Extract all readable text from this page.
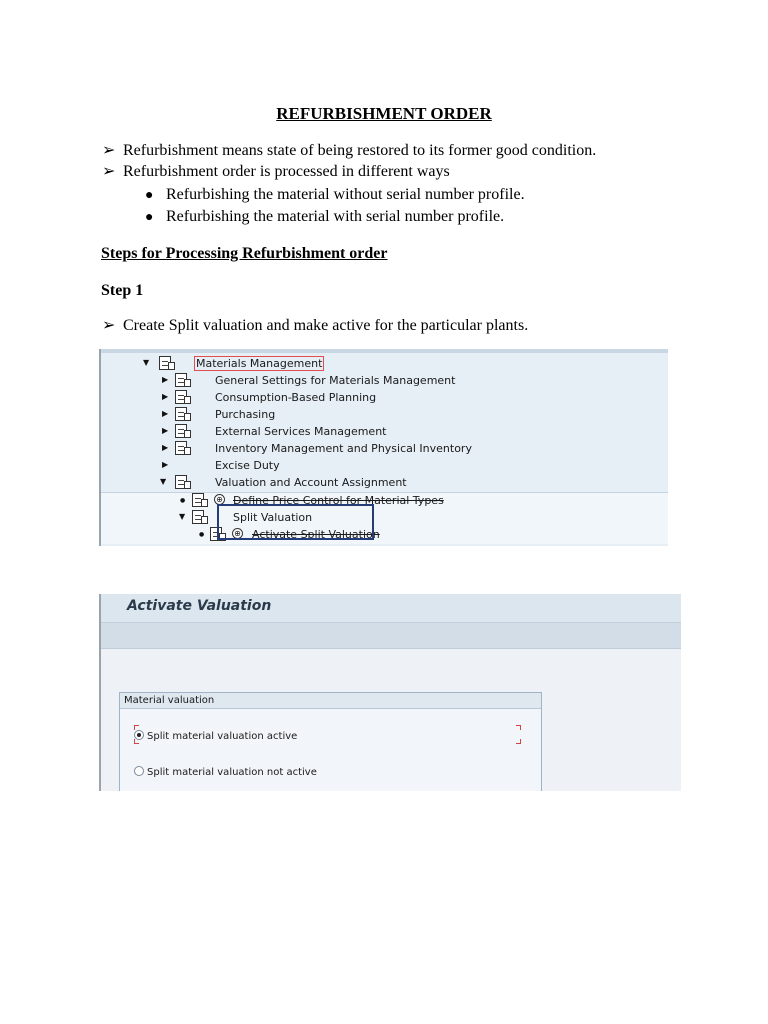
REFURBISHMENT ORDER
➢ Refurbishment means state of being restored to its former good condition.
➢ Refurbishment order is processed in different ways
● Refurbishing the material without serial number profile.
● Refurbishing the material with serial number profile.
Steps for Processing Refurbishment order
Step 1
➢ Create Split valuation and make active for the particular plants.
▼	Materials Management
▶	General Settings for Materials Management
▶	Consumption-Based Planning
▶	Purchasing
▶	External Services Management
▶	Inventory Management and Physical Inventory
▶	Excise Duty
▼	Valuation and Account Assignment
●	⊕ Define Price Control for Material Types
▼	Split Valuation
●	⊕ Activate Split Valuation
Activate Valuation
Material valuation
Split material valuation active
Split material valuation not active
